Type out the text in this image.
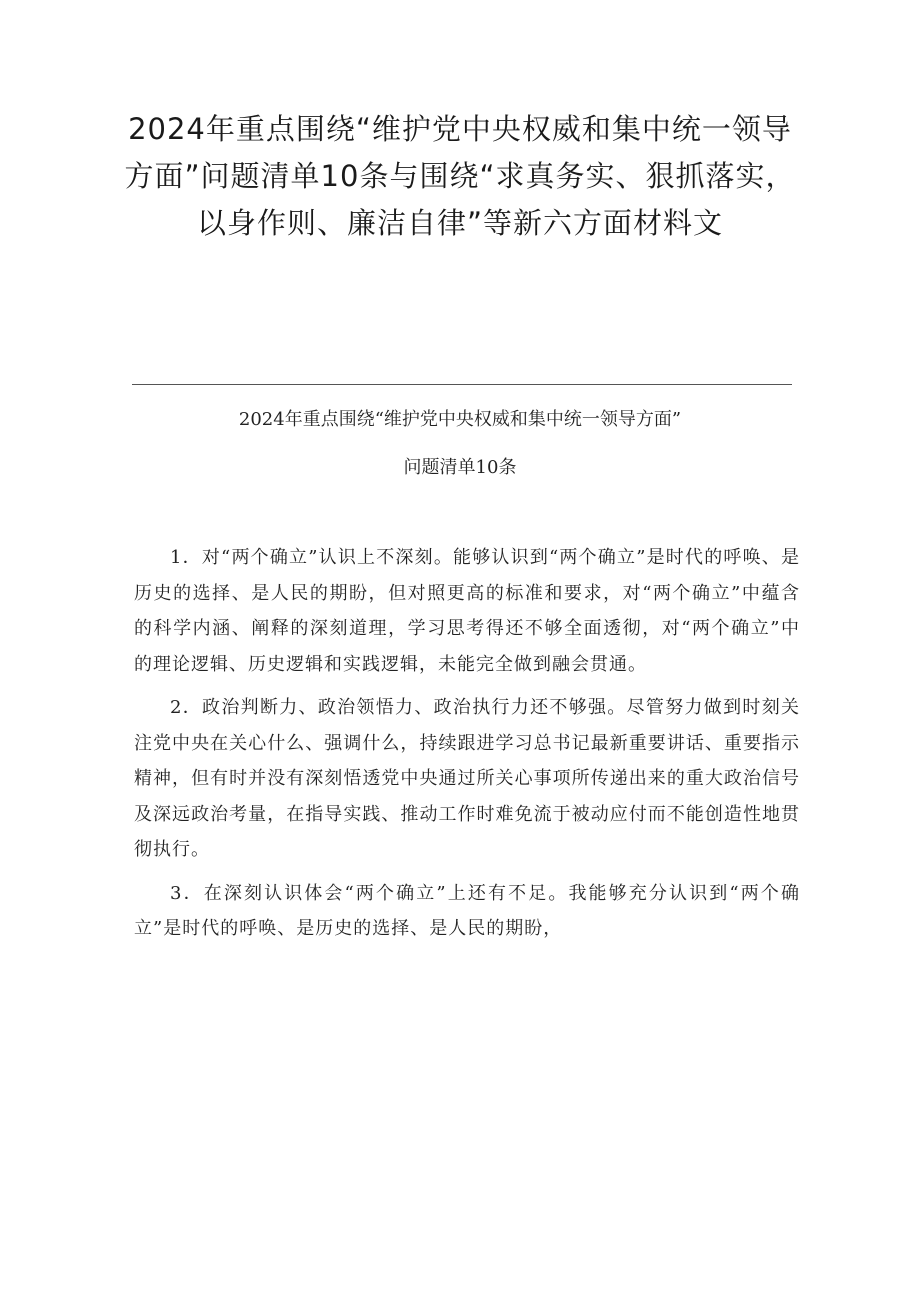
2024年重点围绕“维护党中央权威和集中统一领导方面”问题清单10条与围绕“求真务实、狠抓落实，以身作则、廉洁自律”等新六方面材料文
2024年重点围绕“维护党中央权威和集中统一领导方面”
问题清单10条

1．对“两个确立”认识上不深刻。能够认识到“两个确立”是时代的呼唤、是历史的选择、是人民的期盼，但对照更高的标准和要求，对“两个确立”中蕴含的科学内涵、阐释的深刻道理，学习思考得还不够全面透彻，对“两个确立”中的理论逻辑、历史逻辑和实践逻辑，未能完全做到融会贯通。

2．政治判断力、政治领悟力、政治执行力还不够强。尽管努力做到时刻关注党中央在关心什么、强调什么，持续跟进学习总书记最新重要讲话、重要指示精神，但有时并没有深刻悟透党中央通过所关心事项所传递出来的重大政治信号及深远政治考量，在指导实践、推动工作时难免流于被动应付而不能创造性地贯彻执行。

3．在深刻认识体会“两个确立”上还有不足。我能够充分认识到“两个确立”是时代的呼唤、是历史的选择、是人民的期盼，
